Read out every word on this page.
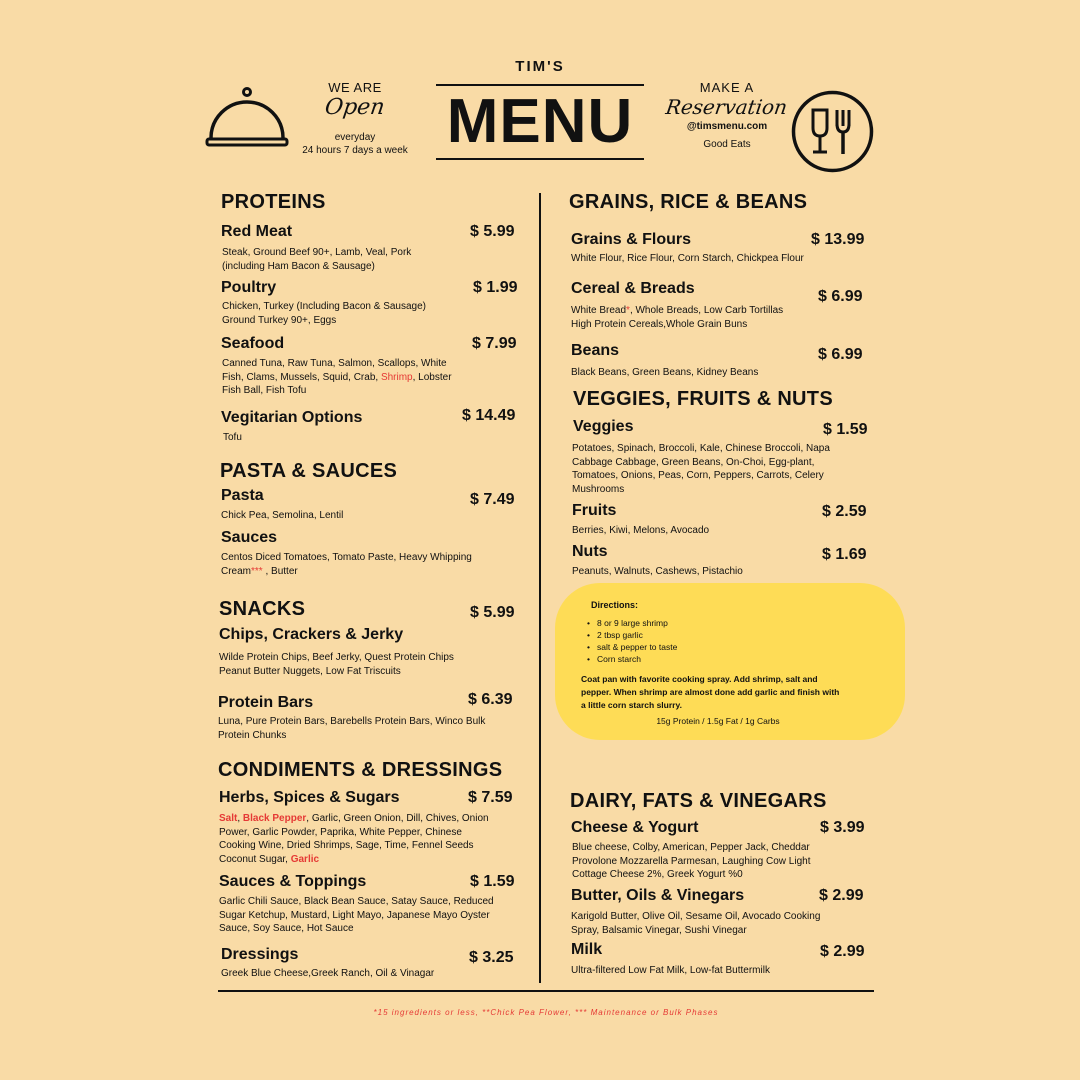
WE ARE
Open
everyday
24 hours 7 days a week
TIM'S
MENU	MAKE A
Reservation
@timsmenu.com
Good Eats
PROTEINS
Red Meat	$ 5.99
Steak, Ground Beef 90+, Lamb, Veal, Pork
(including Ham Bacon & Sausage)
Poultry	$ 1.99
Chicken, Turkey (Including Bacon & Sausage)
Ground Turkey 90+, Eggs
Seafood	$ 7.99
Canned Tuna, Raw Tuna, Salmon, Scallops, White
Fish, Clams, Mussels, Squid, Crab, Shrimp, Lobster
Fish Ball, Fish Tofu
Vegitarian Options	$ 14.49
Tofu
PASTA & SAUCES
Pasta	$ 7.49
Chick Pea, Semolina, Lentil
Sauces
Centos Diced Tomatoes, Tomato Paste, Heavy Whipping
Cream*** , Butter
SNACKS	$ 5.99
Chips, Crackers & Jerky
Wilde Protein Chips, Beef Jerky, Quest Protein Chips
Peanut Butter Nuggets, Low Fat Triscuits
Protein Bars	$ 6.39
Luna, Pure Protein Bars, Barebells Protein Bars, Winco Bulk
Protein Chunks
CONDIMENTS & DRESSINGS
Herbs, Spices & Sugars	$ 7.59
Salt, Black Pepper, Garlic, Green Onion, Dill, Chives, Onion
Power, Garlic Powder, Paprika, White Pepper, Chinese
Cooking Wine, Dried Shrimps, Sage, Time, Fennel Seeds
Coconut Sugar, Garlic
Sauces & Toppings	$ 1.59
Garlic Chili Sauce, Black Bean Sauce, Satay Sauce, Reduced
Sugar Ketchup, Mustard, Light Mayo, Japanese Mayo Oyster
Sauce, Soy Sauce, Hot Sauce
Dressings	$ 3.25
Greek Blue Cheese,Greek Ranch, Oil & Vinagar
GRAINS, RICE & BEANS
Grains & Flours	$ 13.99
White Flour, Rice Flour, Corn Starch, Chickpea Flour
Cereal & Breads	$ 6.99
White Bread*, Whole Breads, Low Carb Tortillas
High Protein Cereals,Whole Grain Buns
Beans	$ 6.99
Black Beans, Green Beans, Kidney Beans
VEGGIES, FRUITS & NUTS
Veggies	$ 1.59
Potatoes, Spinach, Broccoli, Kale, Chinese Broccoli, Napa
Cabbage Cabbage, Green Beans, On-Choi, Egg-plant,
Tomatoes, Onions, Peas, Corn, Peppers, Carrots, Celery
Mushrooms
Fruits	$ 2.59
Berries, Kiwi, Melons, Avocado
Nuts	$ 1.69
Peanuts, Walnuts, Cashews, Pistachio
Directions:
• 8 or 9 large shrimp
• 2 tbsp garlic
• salt & pepper to taste
• Corn starch
Coat pan with favorite cooking spray. Add shrimp, salt and
pepper. When shrimp are almost done add garlic and finish with
a little corn starch slurry.
15g Protein / 1.5g Fat / 1g Carbs
DAIRY, FATS & VINEGARS
Cheese & Yogurt	$ 3.99
Blue cheese, Colby, American, Pepper Jack, Cheddar
Provolone Mozzarella Parmesan, Laughing Cow Light
Cottage Cheese 2%, Greek Yogurt %0
Butter, Oils & Vinegars	$ 2.99
Karigold Butter, Olive Oil, Sesame Oil, Avocado Cooking
Spray, Balsamic Vinegar, Sushi Vinegar
Milk	$ 2.99
Ultra-filtered Low Fat Milk, Low-fat Buttermilk
*15 ingredients or less, **Chick Pea Flower, *** Maintenance or Bulk Phases
